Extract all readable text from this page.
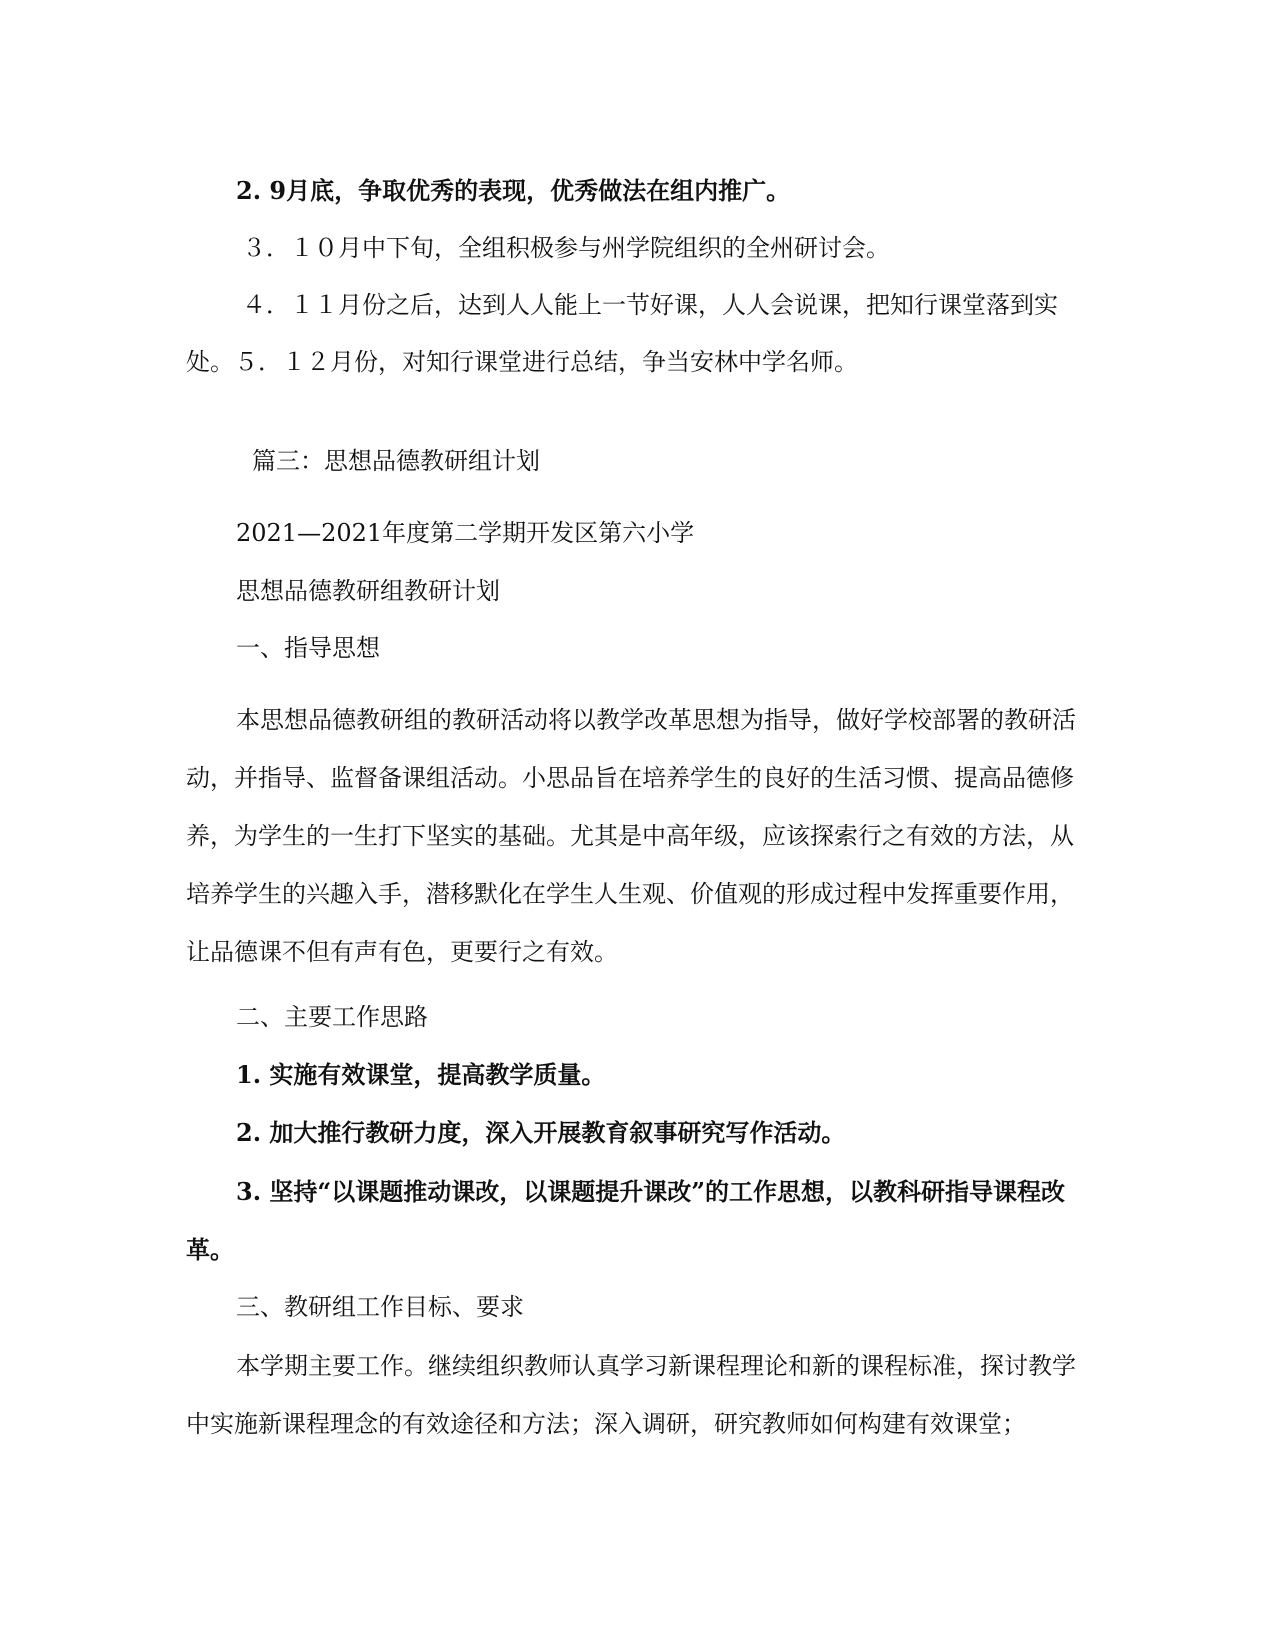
2. 9月底，争取优秀的表现，优秀做法在组内推广。
３．１０月中下旬，全组积极参与州学院组织的全州研讨会。
４．１１月份之后，达到人人能上一节好课，人人会说课，把知行课堂落到实
处。５．１２月份，对知行课堂进行总结，争当安林中学名师。
篇三：思想品德教研组计划
2021—2021年度第二学期开发区第六小学
思想品德教研组教研计划
一、指导思想

本思想品德教研组的教研活动将以教学改革思想为指导，做好学校部署的教研活动，并指导、监督备课组活动。小思品旨在培养学生的良好的生活习惯、提高品德修养，为学生的一生打下坚实的基础。尤其是中高年级，应该探索行之有效的方法，从培养学生的兴趣入手，潜移默化在学生人生观、价值观的形成过程中发挥重要作用，让品德课不但有声有色，更要行之有效。

二、主要工作思路
1. 实施有效课堂，提高教学质量。
2. 加大推行教研力度，深入开展教育叙事研究写作活动。

3. 坚持“以课题推动课改，以课题提升课改”的工作思想，以教科研指导课程改革。

三、教研组工作目标、要求

本学期主要工作。继续组织教师认真学习新课程理论和新的课程标准，探讨教学中实施新课程理念的有效途径和方法；深入调研，研究教师如何构建有效课堂；
